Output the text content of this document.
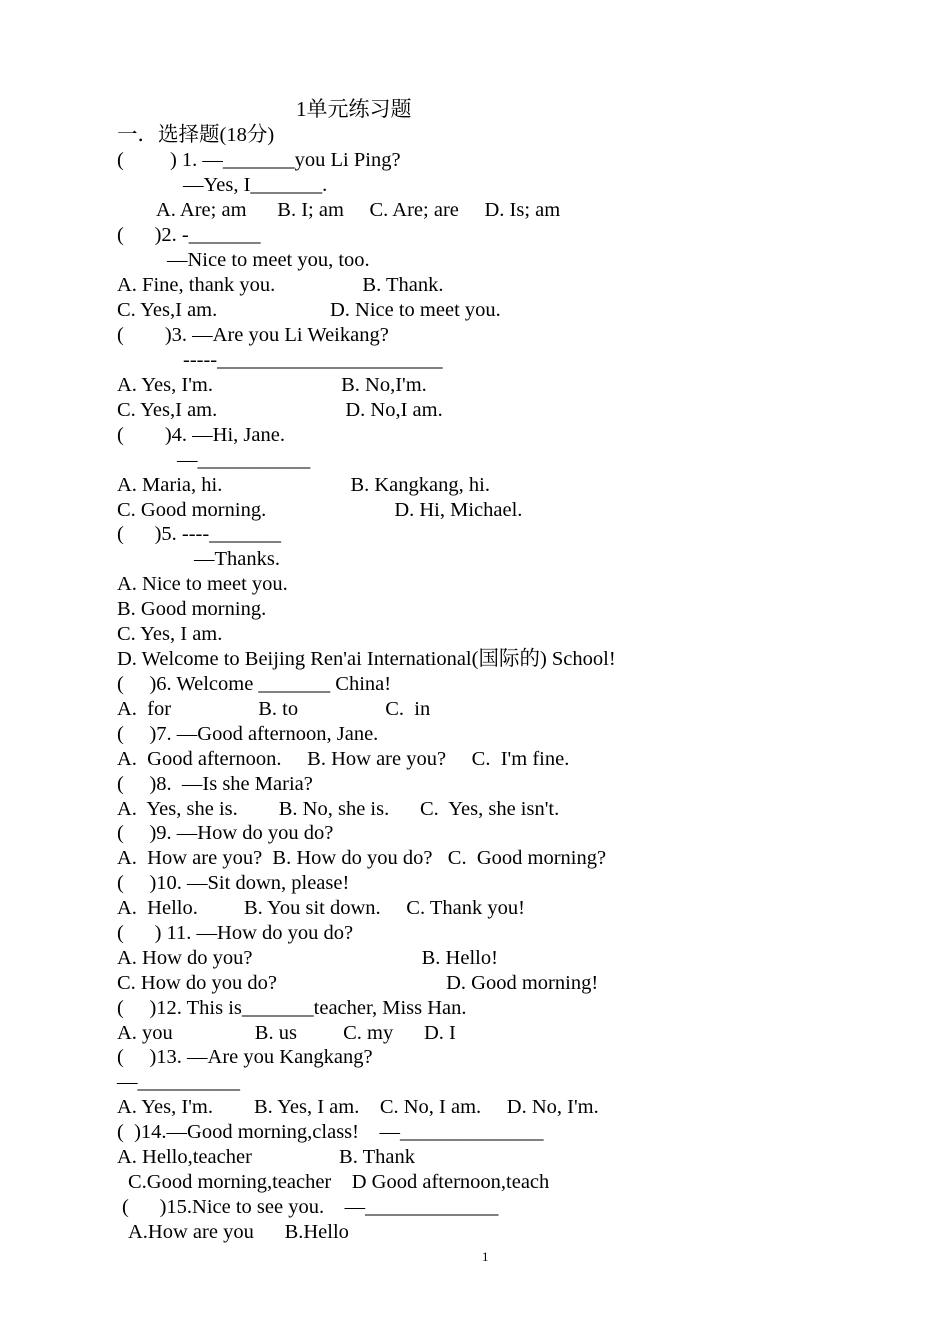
1单元练习题
一．选择题(18分)
(   ) 1. —_______you Li Ping?
—Yes, I_______.
A. Are; am   B. I; am  C. Are; are  D. Is; am
(   )2. -_______
—Nice to meet you, too.
A. Fine, thank you.     B. Thank.
C. Yes,I am.       D. Nice to meet you.
(  )3. —Are you Li Weikang?
-----______________________
A. Yes, I'm.       B. No,I'm.
C. Yes,I am.       D. No,I am.
(  )4. —Hi, Jane.
—___________
A. Maria, hi.       B. Kangkang, hi.
C. Good morning.       D. Hi, Michael.
(   )5. ----_______
—Thanks.
A. Nice to meet you.
B. Good morning.
C. Yes, I am.
D. Welcome to Beijing Ren'ai International(国际的) School!
(  )6. Welcome _______ China!
A.  for     B. to     C.  in
(  )7. —Good afternoon, Jane.
A.  Good afternoon.  B. How are you?  C.  I'm fine.
(  )8.  —Is she Maria?
A.  Yes, she is.  B. No, she is.   C.  Yes, she isn't.
(  )9. —How do you do?
A.  How are you?  B. How do you do?   C.  Good morning?
(  )10. —Sit down, please!
A.  Hello.   B. You sit down.  C. Thank you!
(   ) 11. —How do you do?
A. How do you?         B. Hello!
C. How do you do?         D. Good morning!
(  )12. This is_______teacher, Miss Han.
A. you    B. us   C. my   D. I
(  )13. —Are you Kangkang?
—__________
A. Yes, I'm.  B. Yes, I am. C. No, I am.  D. No, I'm.
(  )14.—Good morning,class! —______________
A. Hello,teacher     B. Thank
C.Good morning,teacher D Good afternoon,teach
(   )15.Nice to see you. —_____________
A.How are you   B.Hello
1
